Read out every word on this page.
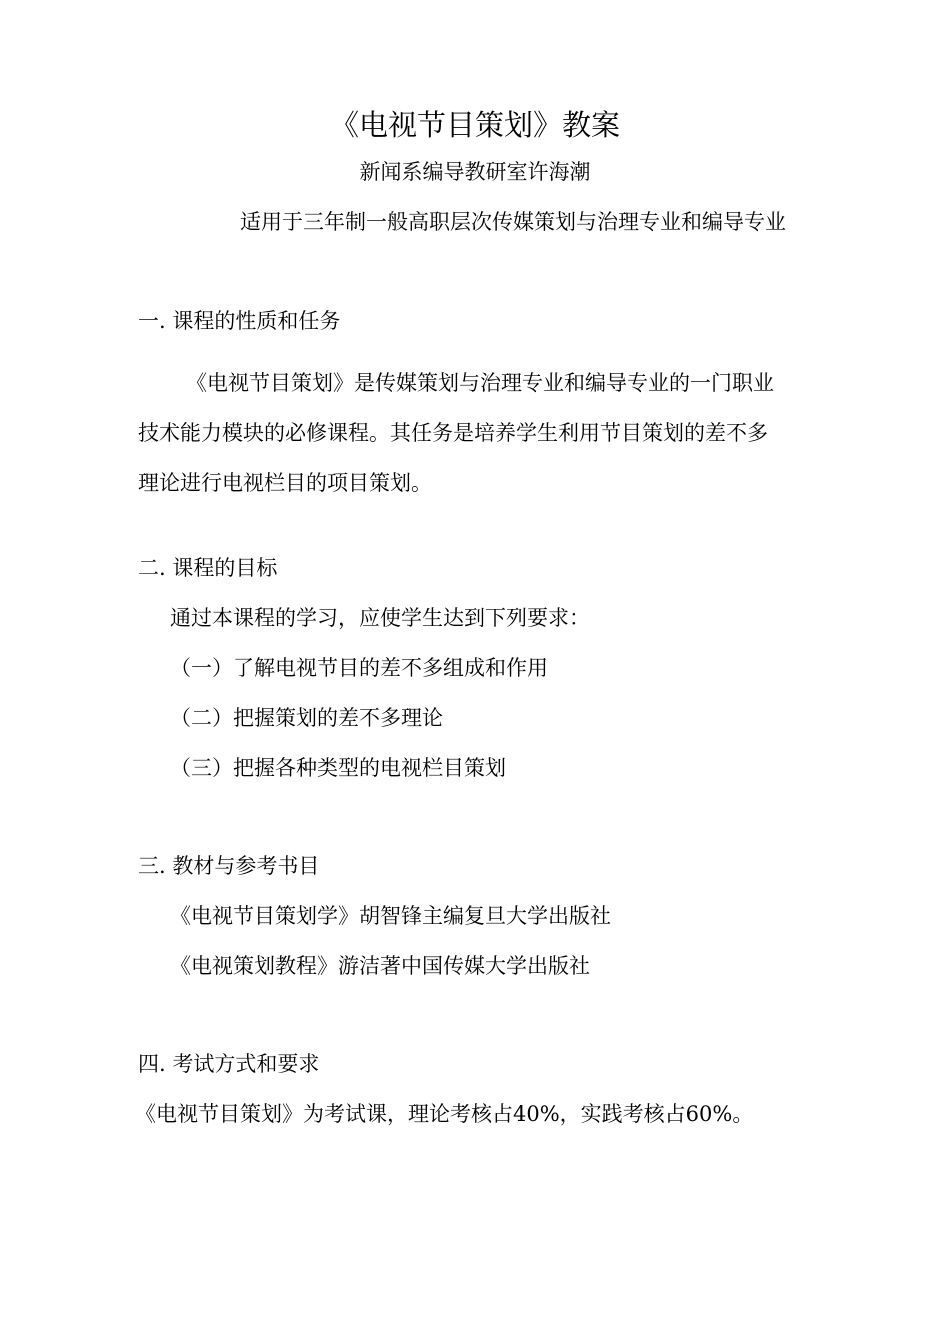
《电视节目策划》教案
新闻系编导教研室许海潮
适用于三年制一般高职层次传媒策划与治理专业和编导专业
一. 课程的性质和任务
《电视节目策划》是传媒策划与治理专业和编导专业的一门职业
技术能力模块的必修课程。其任务是培养学生利用节目策划的差不多
理论进行电视栏目的项目策划。
二. 课程的目标
通过本课程的学习，应使学生达到下列要求：
（一）了解电视节目的差不多组成和作用
（二）把握策划的差不多理论
（三）把握各种类型的电视栏目策划
三. 教材与参考书目
《电视节目策划学》胡智锋主编复旦大学出版社
《电视策划教程》游洁著中国传媒大学出版社
四. 考试方式和要求
《电视节目策划》为考试课，理论考核占40%，实践考核占60%。
